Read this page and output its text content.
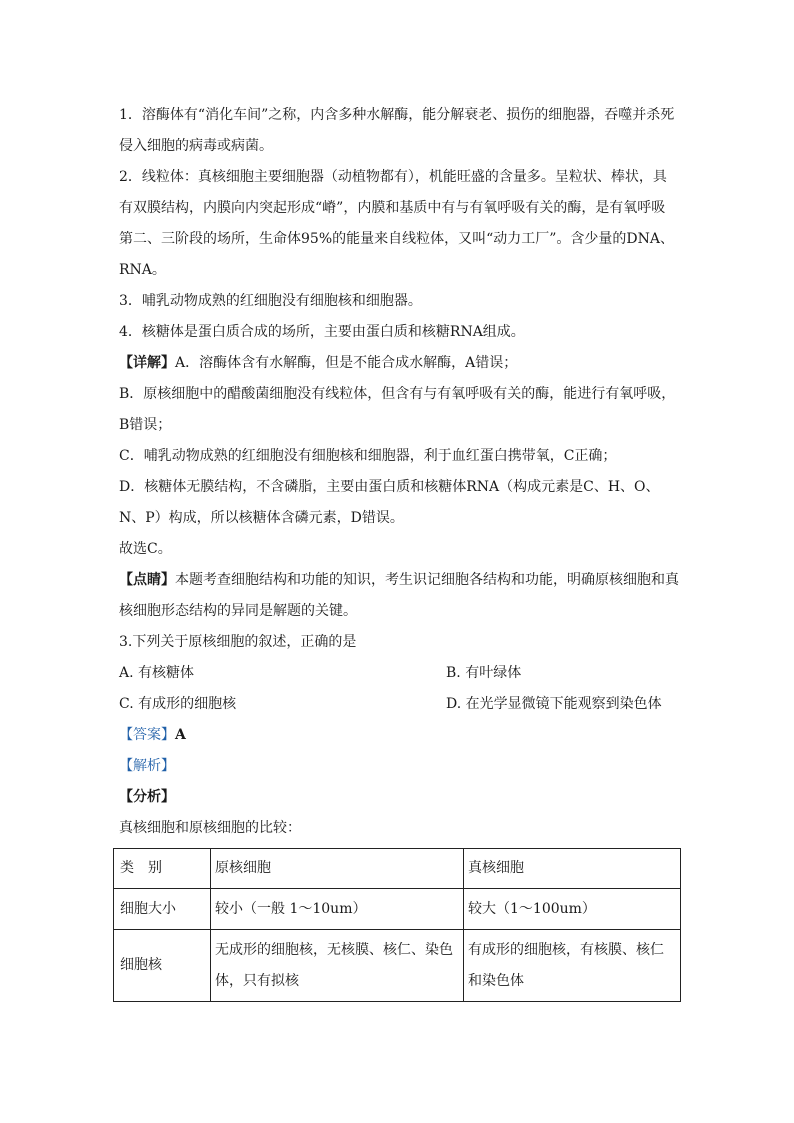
1．溶酶体有“消化车间”之称，内含多种水解酶，能分解衰老、损伤的细胞器，吞噬并杀死侵入细胞的病毒或病菌。

2．线粒体：真核细胞主要细胞器（动植物都有），机能旺盛的含量多。呈粒状、棒状，具有双膜结构，内膜向内突起形成“嵴”，内膜和基质中有与有氧呼吸有关的酶，是有氧呼吸第二、三阶段的场所，生命体95%的能量来自线粒体，又叫“动力工厂”。含少量的DNA、RNA。

3．哺乳动物成熟的红细胞没有细胞核和细胞器。

4．核糖体是蛋白质合成的场所，主要由蛋白质和核糖RNA组成。

【详解】A．溶酶体含有水解酶，但是不能合成水解酶，A错误；

B．原核细胞中的醋酸菌细胞没有线粒体，但含有与有氧呼吸有关的酶，能进行有氧呼吸，B错误；

C．哺乳动物成熟的红细胞没有细胞核和细胞器，利于血红蛋白携带氧，C正确；

D．核糖体无膜结构，不含磷脂，主要由蛋白质和核糖体RNA（构成元素是C、H、O、N、P）构成，所以核糖体含磷元素，D错误。

故选C。

【点睛】本题考查细胞结构和功能的知识，考生识记细胞各结构和功能，明确原核细胞和真核细胞形态结构的异同是解题的关键。

3.下列关于原核细胞的叙述，正确的是

A. 有核糖体	B. 有叶绿体
C. 有成形的细胞核	D. 在光学显微镜下能观察到染色体

【答案】A

【解析】

【分析】

真核细胞和原核细胞的比较：

类　别	原核细胞	真核细胞
细胞大小	较小（一般 1～10um）	较大（1～100um）
细胞核	无成形的细胞核，无核膜、核仁、染色体，只有拟核	有成形的细胞核，有核膜、核仁和染色体
